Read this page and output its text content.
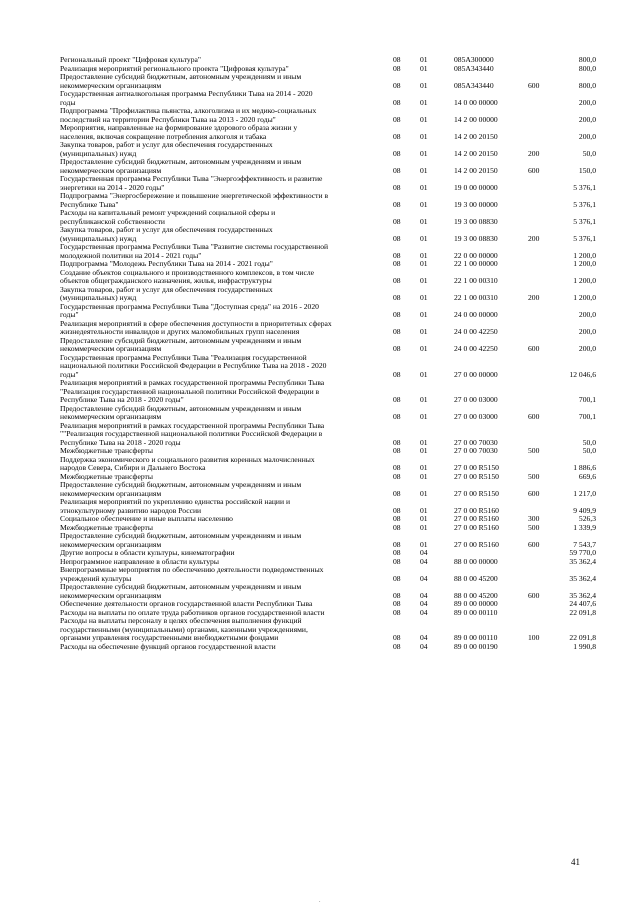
Региональный проект "Цифровая культура"	08	01	085A300000	800,0
Реализация мероприятий регионального проекта "Цифровая культура"	08	01	085A343440	800,0
Предоставление субсидий бюджетным, автономным учреждениям и иным
некоммерческим организациям	08	01	085A343440	600	800,0
Государственная антиалкогольная программа Республики Тыва на 2014 - 2020
годы	08	01	14 0 00 00000	200,0
Подпрограмма "Профилактика пьянства, алкоголизма и их медико-социальных
последствий на территории Республики Тыва на 2013 - 2020 годы"	08	01	14 2 00 00000	200,0
Мероприятия, направленные на формирование здорового образа жизни у
населения, включая сокращение потребления алкоголя и табака	08	01	14 2 00 20150	200,0
Закупка товаров, работ и услуг для обеспечения государственных
(муниципальных) нужд	08	01	14 2 00 20150	200	50,0
Предоставление субсидий бюджетным, автономным учреждениям и иным
некоммерческим организациям	08	01	14 2 00 20150	600	150,0
Государственная программа Республики Тыва "Энергоэффективность и развитие
энергетики на 2014 - 2020 годы"	08	01	19 0 00 00000	5 376,1
Подпрограмма "Энергосбережение и повышение энергетической эффективности в
Республике Тыва"	08	01	19 3 00 00000	5 376,1
Расходы на капитальный ремонт учреждений социальной сферы и
республиканской собственности	08	01	19 3 00 08830	5 376,1
Закупка товаров, работ и услуг для обеспечения государственных
(муниципальных) нужд	08	01	19 3 00 08830	200	5 376,1
Государственная программа Республики Тыва "Развитие системы государственной
молодежной политики на 2014 - 2021 годы"	08	01	22 0 00 00000	1 200,0
Подпрограмма "Молодежь Республики Тыва на 2014 - 2021 годы"	08	01	22 1 00 00000	1 200,0
Создание объектов социального и производственного комплексов, в том числе
объектов общегражданского назначения, жилья, инфраструктуры	08	01	22 1 00 00310	1 200,0
Закупка товаров, работ и услуг для обеспечения государственных
(муниципальных) нужд	08	01	22 1 00 00310	200	1 200,0
Государственная программа Республики Тыва "Доступная среда" на 2016 - 2020
годы"	08	01	24 0 00 00000	200,0
Реализация мероприятий в сфере обеспечения доступности в приоритетных сферах
жизнедеятельности инвалидов и других маломобильных групп населения	08	01	24 0 00 42250	200,0
Предоставление субсидий бюджетным, автономным учреждениям и иным
некоммерческим организациям	08	01	24 0 00 42250	600	200,0
Государственная программа Республики Тыва "Реализация государственной
национальной политики Российской Федерации в Республике Тыва на 2018 - 2020
годы"	08	01	27 0 00 00000	12 046,6
Реализация мероприятий в рамках государственной программы Республики Тыва
"Реализация государственной национальной политики Российской Федерации в
Республике Тыва на 2018 - 2020 годы"	08	01	27 0 00 03000	700,1
Предоставление субсидий бюджетным, автономным учреждениям и иным
некоммерческим организациям	08	01	27 0 00 03000	600	700,1
Реализация мероприятий в рамках государственной программы Республики Тыва
""Реализация государственной национальной политики Российской Федерации в
Республике Тыва на 2018 - 2020 годы	08	01	27 0 00 70030	50,0
Межбюджетные трансферты	08	01	27 0 00 70030	500	50,0
Поддержка экономического и социального развития коренных малочисленных
народов Севера, Сибири и Дальнего Востока	08	01	27 0 00 R5150	1 886,6
Межбюджетные трансферты	08	01	27 0 00 R5150	500	669,6
Предоставление субсидий бюджетным, автономным учреждениям и иным
некоммерческим организациям	08	01	27 0 00 R5150	600	1 217,0
Реализация мероприятий по укреплению единства российской нации и
этнокультурному развитию народов России	08	01	27 0 00 R5160	9 409,9
Социальное обеспечение и иные выплаты населению	08	01	27 0 00 R5160	300	526,3
Межбюджетные трансферты	08	01	27 0 00 R5160	500	1 339,9
Предоставление субсидий бюджетным, автономным учреждениям и иным
некоммерческим организациям	08	01	27 0 00 R5160	600	7 543,7
Другие вопросы в области культуры, кинематографии	08	04	59 770,0
Непрограммное направление в области культуры	08	04	88 0 00 00000	35 362,4
Внепрограммные мероприятия по обеспечению деятельности подведомственных
учреждений культуры	08	04	88 0 00 45200	35 362,4
Предоставление субсидий бюджетным, автономным учреждениям и иным
некоммерческим организациям	08	04	88 0 00 45200	600	35 362,4
Обеспечение деятельности органов государственной власти Республики Тыва	08	04	89 0 00 00000	24 407,6
Расходы на выплаты по оплате труда работников органов государственной власти	08	04	89 0 00 00110	22 091,8
Расходы на выплаты персоналу в целях обеспечения выполнения функций
государственными (муниципальными) органами, казенными учреждениями,
органами управления государственными внебюджетными фондами	08	04	89 0 00 00110	100	22 091,8
Расходы на обеспечение функций органов государственной власти	08	04	89 0 00 00190	1 990,8
41
.
